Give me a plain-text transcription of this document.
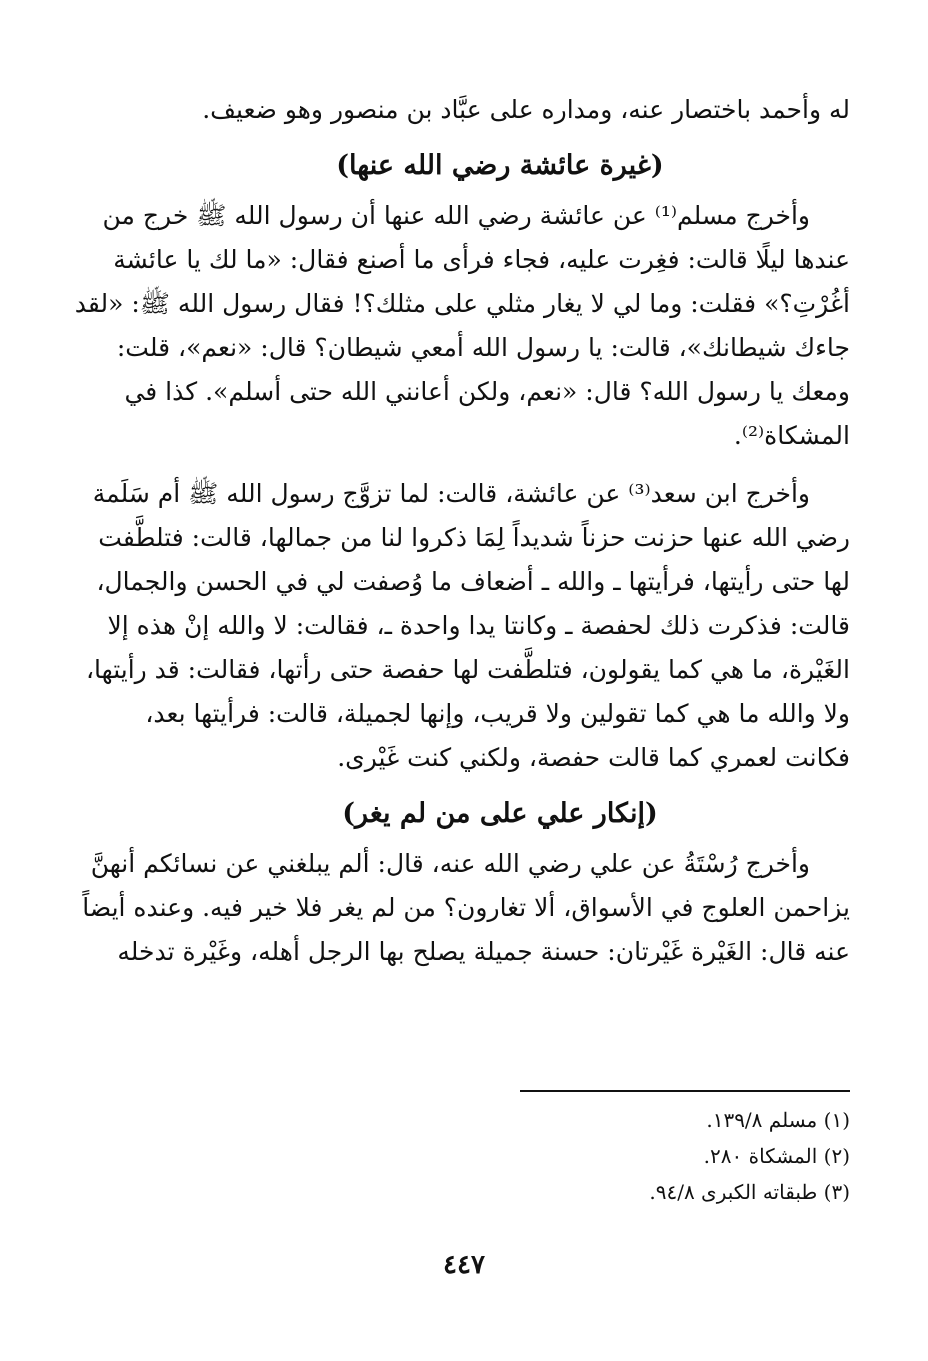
له وأحمد باختصار عنه، ومداره على عبَّاد بن منصور وهو ضعيف.

(غيرة عائشة رضي الله عنها)

وأخرج مسلم⁽¹⁾ عن عائشة رضي الله عنها أن رسول الله ﷺ خرج من

عندها ليلًا قالت: فغِرت عليه، فجاء فرأى ما أصنع فقال: «ما لك يا عائشة

أغُرْتِ؟» فقلت: وما لي لا يغار مثلي على مثلك؟! فقال رسول الله ﷺ: «لقد

جاءك شيطانك»، قالت: يا رسول الله أمعي شيطان؟ قال: «نعم»، قلت:

ومعك يا رسول الله؟ قال: «نعم، ولكن أعانني الله حتى أسلم». كذا في

المشكاة⁽²⁾.

وأخرج ابن سعد⁽³⁾ عن عائشة، قالت: لما تزوَّج رسول الله ﷺ أم سَلَمة

رضي الله عنها حزنت حزناً شديداً لِمَا ذكروا لنا من جمالها، قالت: فتلطَّفت

لها حتى رأيتها، فرأيتها ـ والله ـ أضعاف ما وُصفت لي في الحسن والجمال،

قالت: فذكرت ذلك لحفصة ـ وكانتا يدا واحدة ـ، فقالت: لا والله إنْ هذه إلا

الغَيْرة، ما هي كما يقولون، فتلطَّفت لها حفصة حتى رأتها، فقالت: قد رأيتها،

ولا والله ما هي كما تقولين ولا قريب، وإنها لجميلة، قالت: فرأيتها بعد،

فكانت لعمري كما قالت حفصة، ولكني كنت غَيْرى.

(إنكار علي على من لم يغر)

وأخرج رُسْتَةُ عن علي رضي الله عنه، قال: ألم يبلغني عن نسائكم أنهنَّ

يزاحمن العلوج في الأسواق، ألا تغارون؟ من لم يغر فلا خير فيه. وعنده أيضاً

عنه قال: الغَيْرة غَيْرتان: حسنة جميلة يصلح بها الرجل أهله، وغَيْرة تدخله

(١) مسلم ١٣٩/٨.

(٢) المشكاة ٢٨٠.

(٣) طبقاته الكبرى ٩٤/٨.

٤٤٧
